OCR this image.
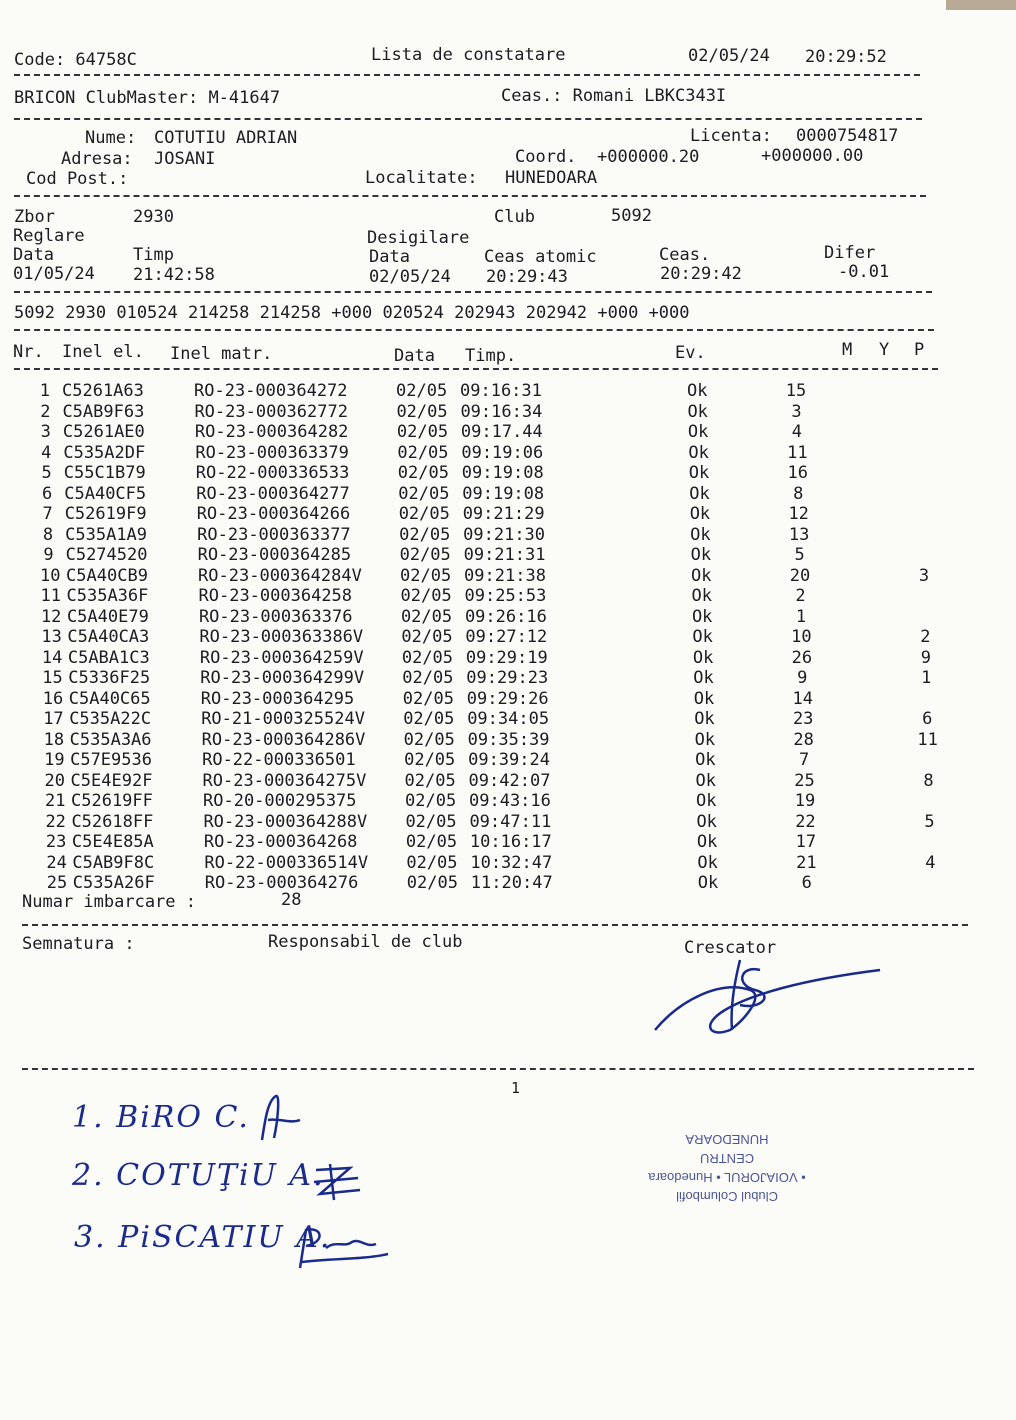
Code: 64758C	Lista de constatare	02/05/24 20:29:52
BRICON ClubMaster: M-41647	Ceas.: Romani LBKC343I
Nume: COTUTIU ADRIAN
Adresa: JOSANI
Cod Post.:
Licenta: 0000754817
Coord. +000000.20	+000000.00
Localitate: HUNEDOARA
Zbor	2930	Club	5092
Reglare	Desigilare
Data	Timp	Data	Ceas atomic	Ceas.	Difer
01/05/24 21:42:58	02/05/24 20:29:43	20:29:42	-0.01
5092 2930 010524 214258 214258 +000 020524 202943 202942 +000 +000
Nr. Inel el. Inel matr.	Data Timp.	Ev.	M Y P
1 C5261A63	RO-23-000364272	02/05 09:16:31	Ok	15
2 C5AB9F63	RO-23-000362772	02/05 09:16:34	Ok	3
3 C5261AE0	RO-23-000364282	02/05 09:17.44	Ok	4
4 C535A2DF	RO-23-000363379	02/05 09:19:06	Ok	11
5 C55C1B79	RO-22-000336533	02/05 09:19:08	Ok	16
6 C5A40CF5	RO-23-000364277	02/05 09:19:08	Ok	8
7 C52619F9	RO-23-000364266	02/05 09:21:29	Ok	12
8 C535A1A9	RO-23-000363377	02/05 09:21:30	Ok	13
9 C5274520	RO-23-000364285	02/05 09:21:31	Ok	5
10 C5A40CB9	RO-23-000364284V 02/05 09:21:38	Ok	20	3
11 C535A36F	RO-23-000364258	02/05 09:25:53	Ok	2
12 C5A40E79	RO-23-000363376	02/05 09:26:16	Ok	1
13 C5A40CA3	RO-23-000363386V 02/05 09:27:12	Ok	10	2
14 C5ABA1C3	RO-23-000364259V 02/05 09:29:19	Ok	26	9
15 C5336F25	RO-23-000364299V 02/05 09:29:23	Ok	9	1
16 C5A40C65	RO-23-000364295	02/05 09:29:26	Ok	14
17 C535A22C	RO-21-000325524V 02/05 09:34:05	Ok	23	6
18 C535A3A6	RO-23-000364286V 02/05 09:35:39	Ok	28	11
19 C57E9536	RO-22-000336501	02/05 09:39:24	Ok	7
20 C5E4E92F	RO-23-000364275V 02/05 09:42:07	Ok	25	8
21 C52619FF	RO-20-000295375	02/05 09:43:16	Ok	19
22 C52618FF	RO-23-000364288V 02/05 09:47:11	Ok	22	5
23 C5E4E85A	RO-23-000364268	02/05 10:16:17	Ok	17
24 C5AB9F8C	RO-22-000336514V 02/05 10:32:47	Ok	21	4
25 C535A26F	RO-23-000364276	02/05 11:20:47	Ok	6
Numar imbarcare :	28
Semnatura :	Responsabil de club	Crescator
1
1. BiRO C.
2. COTUŢiU A.
3. PiSCATIU A.
Clubul Columbofil
• VOIAJORUL • Hunedoara
CENTRU
HUNEDOARA
